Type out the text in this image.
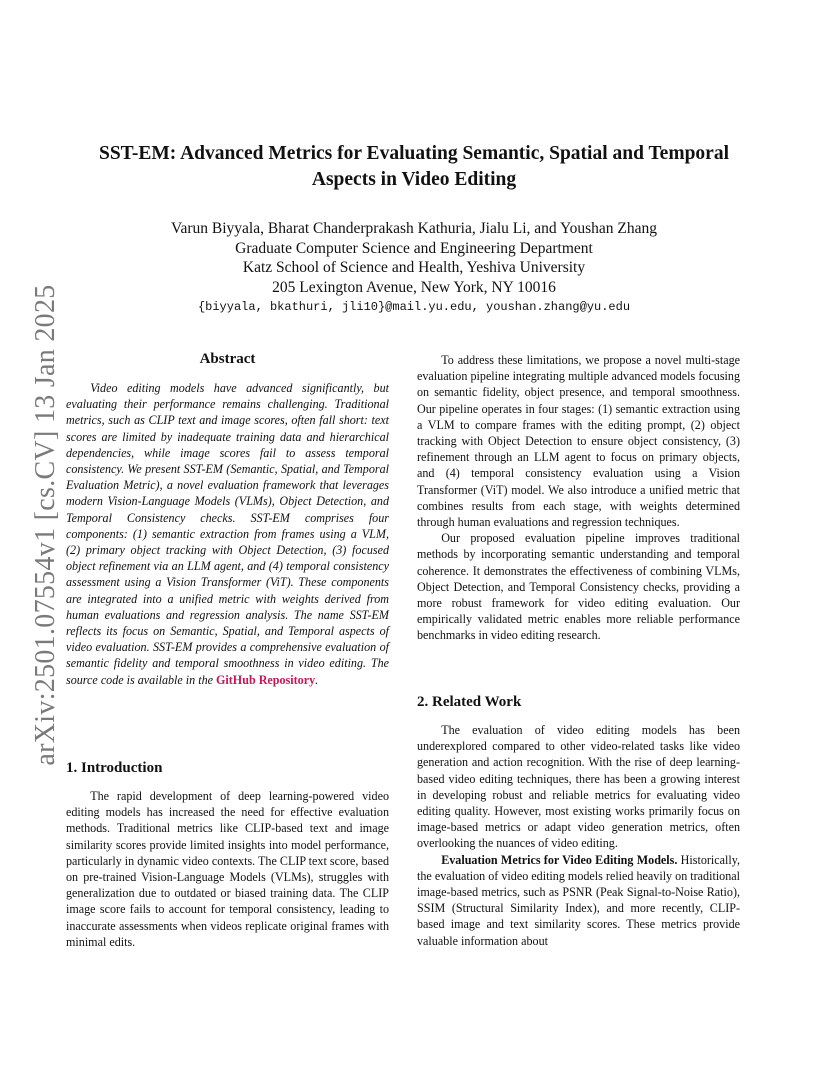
arXiv:2501.07554v1 [cs.CV] 13 Jan 2025
SST-EM: Advanced Metrics for Evaluating Semantic, Spatial and Temporal
Aspects in Video Editing
Varun Biyyala, Bharat Chanderprakash Kathuria, Jialu Li, and Youshan Zhang
Graduate Computer Science and Engineering Department
Katz School of Science and Health, Yeshiva University
205 Lexington Avenue, New York, NY 10016
{biyyala, bkathuri, jli10}@mail.yu.edu, youshan.zhang@yu.edu
Abstract
Video editing models have advanced significantly, but evaluating their performance remains challenging. Traditional metrics, such as CLIP text and image scores, often fall short: text scores are limited by inadequate training data and hierarchical dependencies, while image scores fail to assess temporal consistency. We present SST-EM (Semantic, Spatial, and Temporal Evaluation Metric), a novel evaluation framework that leverages modern Vision-Language Models (VLMs), Object Detection, and Temporal Consistency checks. SST-EM comprises four components: (1) semantic extraction from frames using a VLM, (2) primary object tracking with Object Detection, (3) focused object refinement via an LLM agent, and (4) temporal consistency assessment using a Vision Transformer (ViT). These components are integrated into a unified metric with weights derived from human evaluations and regression analysis. The name SST-EM reflects its focus on Semantic, Spatial, and Temporal aspects of video evaluation. SST-EM provides a comprehensive evaluation of semantic fidelity and temporal smoothness in video editing. The source code is available in the GitHub Repository.
1. Introduction

The rapid development of deep learning-powered video editing models has increased the need for effective evaluation methods. Traditional metrics like CLIP-based text and image similarity scores provide limited insights into model performance, particularly in dynamic video contexts. The CLIP text score, based on pre-trained Vision-Language Models (VLMs), struggles with generalization due to outdated or biased training data. The CLIP image score fails to account for temporal consistency, leading to inaccurate assessments when videos replicate original frames with minimal edits.

To address these limitations, we propose a novel multi-stage evaluation pipeline integrating multiple advanced models focusing on semantic fidelity, object presence, and temporal smoothness. Our pipeline operates in four stages: (1) semantic extraction using a VLM to compare frames with the editing prompt, (2) object tracking with Object Detection to ensure object consistency, (3) refinement through an LLM agent to focus on primary objects, and (4) temporal consistency evaluation using a Vision Transformer (ViT) model. We also introduce a unified metric that combines results from each stage, with weights determined through human evaluations and regression techniques.

Our proposed evaluation pipeline improves traditional methods by incorporating semantic understanding and temporal coherence. It demonstrates the effectiveness of combining VLMs, Object Detection, and Temporal Consistency checks, providing a more robust framework for video editing evaluation. Our empirically validated metric enables more reliable performance benchmarks in video editing research.

2. Related Work

The evaluation of video editing models has been underexplored compared to other video-related tasks like video generation and action recognition. With the rise of deep learning-based video editing techniques, there has been a growing interest in developing robust and reliable metrics for evaluating video editing quality. However, most existing works primarily focus on image-based metrics or adapt video generation metrics, often overlooking the nuances of video editing.

Evaluation Metrics for Video Editing Models. Historically, the evaluation of video editing models relied heavily on traditional image-based metrics, such as PSNR (Peak Signal-to-Noise Ratio), SSIM (Structural Similarity Index), and more recently, CLIP-based image and text similarity scores. These metrics provide valuable information about
